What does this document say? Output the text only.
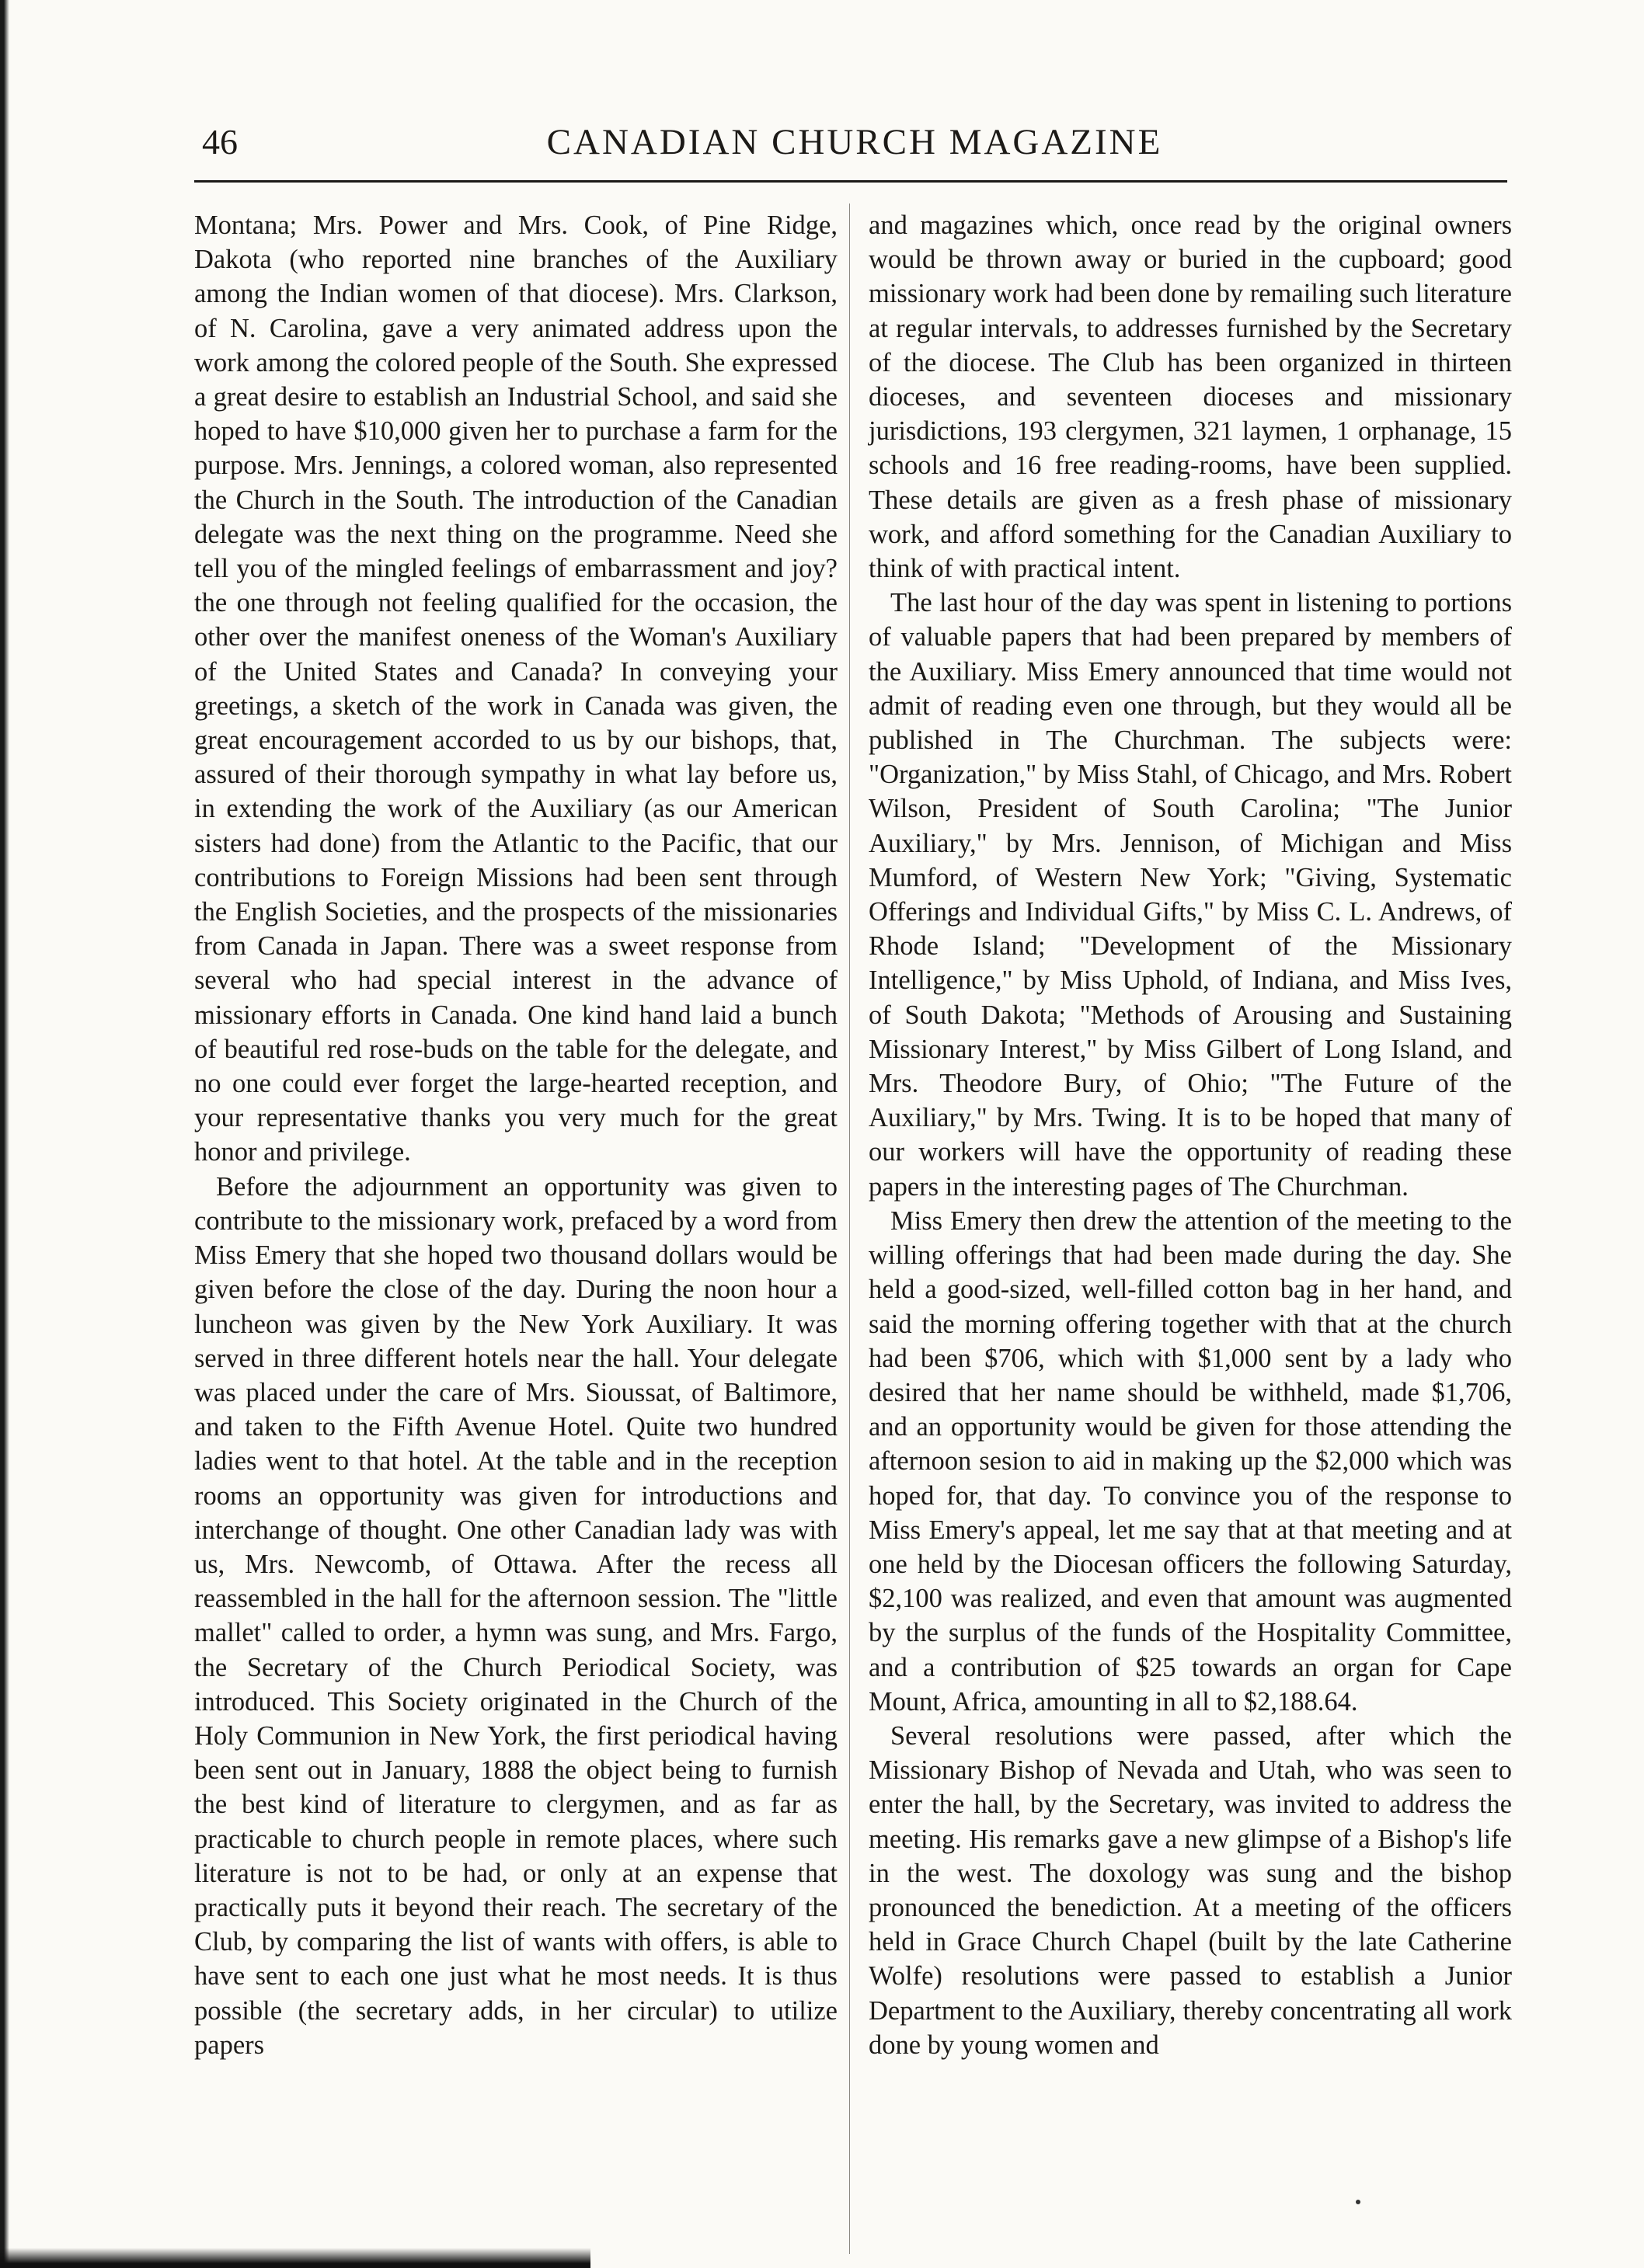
46	CANADIAN CHURCH MAGAZINE

Montana; Mrs. Power and Mrs. Cook, of Pine Ridge, Dakota (who reported nine branches of the Auxiliary among the Indian women of that diocese). Mrs. Clarkson, of N. Carolina, gave a very animated address upon the work among the colored people of the South. She expressed a great desire to establish an Industrial School, and said she hoped to have $10,000 given her to purchase a farm for the purpose. Mrs. Jennings, a colored woman, also represented the Church in the South. The introduction of the Canadian delegate was the next thing on the programme. Need she tell you of the mingled feelings of embarrassment and joy? the one through not feeling qualified for the occasion, the other over the manifest oneness of the Woman's Auxiliary of the United States and Canada? In conveying your greetings, a sketch of the work in Canada was given, the great encouragement accorded to us by our bishops, that, assured of their thorough sympathy in what lay before us, in extending the work of the Auxiliary (as our American sisters had done) from the Atlantic to the Pacific, that our contributions to Foreign Missions had been sent through the English Societies, and the prospects of the missionaries from Canada in Japan. There was a sweet response from several who had special interest in the advance of missionary efforts in Canada. One kind hand laid a bunch of beautiful red rose-buds on the table for the delegate, and no one could ever forget the large-hearted reception, and your representative thanks you very much for the great honor and privilege.

Before the adjournment an opportunity was given to contribute to the missionary work, prefaced by a word from Miss Emery that she hoped two thousand dollars would be given before the close of the day. During the noon hour a luncheon was given by the New York Auxiliary. It was served in three different hotels near the hall. Your delegate was placed under the care of Mrs. Sioussat, of Baltimore, and taken to the Fifth Avenue Hotel. Quite two hundred ladies went to that hotel. At the table and in the reception rooms an opportunity was given for introductions and interchange of thought. One other Canadian lady was with us, Mrs. Newcomb, of Ottawa. After the recess all reassembled in the hall for the afternoon session. The "little mallet" called to order, a hymn was sung, and Mrs. Fargo, the Secretary of the Church Periodical Society, was introduced. This Society originated in the Church of the Holy Communion in New York, the first periodical having been sent out in January, 1888 the object being to furnish the best kind of literature to clergymen, and as far as practicable to church people in remote places, where such literature is not to be had, or only at an expense that practically puts it beyond their reach. The secretary of the Club, by comparing the list of wants with offers, is able to have sent to each one just what he most needs. It is thus possible (the secretary adds, in her circular) to utilize papers

and magazines which, once read by the original owners would be thrown away or buried in the cupboard; good missionary work had been done by remailing such literature at regular intervals, to addresses furnished by the Secretary of the diocese. The Club has been organized in thirteen dioceses, and seventeen dioceses and missionary jurisdictions, 193 clergymen, 321 laymen, 1 orphanage, 15 schools and 16 free reading-rooms, have been supplied. These details are given as a fresh phase of missionary work, and afford something for the Canadian Auxiliary to think of with practical intent.

The last hour of the day was spent in listening to portions of valuable papers that had been prepared by members of the Auxiliary. Miss Emery announced that time would not admit of reading even one through, but they would all be published in The Churchman. The subjects were: "Organization," by Miss Stahl, of Chicago, and Mrs. Robert Wilson, President of South Carolina; "The Junior Auxiliary," by Mrs. Jennison, of Michigan and Miss Mumford, of Western New York; "Giving, Systematic Offerings and Individual Gifts," by Miss C. L. Andrews, of Rhode Island; "Development of the Missionary Intelligence," by Miss Uphold, of Indiana, and Miss Ives, of South Dakota; "Methods of Arousing and Sustaining Missionary Interest," by Miss Gilbert of Long Island, and Mrs. Theodore Bury, of Ohio; "The Future of the Auxiliary," by Mrs. Twing. It is to be hoped that many of our workers will have the opportunity of reading these papers in the interesting pages of The Churchman.

Miss Emery then drew the attention of the meeting to the willing offerings that had been made during the day. She held a good-sized, well-filled cotton bag in her hand, and said the morning offering together with that at the church had been $706, which with $1,000 sent by a lady who desired that her name should be withheld, made $1,706, and an opportunity would be given for those attending the afternoon sesion to aid in making up the $2,000 which was hoped for, that day. To convince you of the response to Miss Emery's appeal, let me say that at that meeting and at one held by the Diocesan officers the following Saturday, $2,100 was realized, and even that amount was augmented by the surplus of the funds of the Hospitality Committee, and a contribution of $25 towards an organ for Cape Mount, Africa, amounting in all to $2,188.64.

Several resolutions were passed, after which the Missionary Bishop of Nevada and Utah, who was seen to enter the hall, by the Secretary, was invited to address the meeting. His remarks gave a new glimpse of a Bishop's life in the west. The doxology was sung and the bishop pronounced the benediction. At a meeting of the officers held in Grace Church Chapel (built by the late Catherine Wolfe) resolutions were passed to establish a Junior Department to the Auxiliary, thereby concentrating all work done by young women and
